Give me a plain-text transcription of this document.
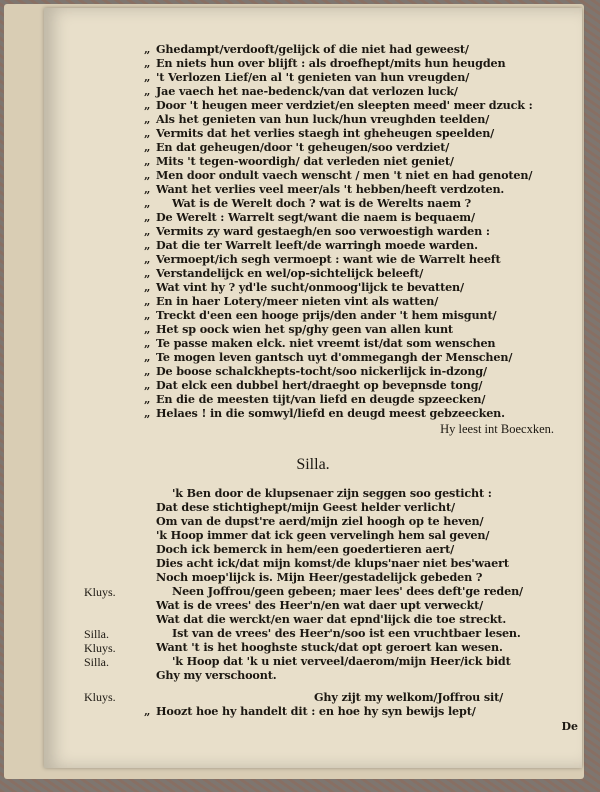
„ Ghedampt/verdooft/gelijck of die niet had geweest/
„ En niets hun over blijft : als droefhept/mits hun heugden
„ 't Verlozen Lief/en al 't genieten van hun vreugden/
„ Jae vaech het nae-bedenck/van dat verlozen luck/
„ Door 't heugen meer verdziet/en sleepten meed' meer dzuck :
„ Als het genieten van hun luck/hun vreughden teelden/
„ Vermits dat het verlies staegh int gheheugen speelden/
„ En dat geheugen/door 't geheugen/soo verdziet/
„ Mits 't tegen-woordigh/ dat verleden niet geniet/
„ Men door ondult vaech wenscht / men 't niet en had genoten/
„ Want het verlies veel meer/als 't hebben/heeft verdzoten.
„ Wat is de Werelt doch ? wat is de Werelts naem ?
„ De Werelt : Warrelt segt/want die naem is bequaem/
„ Vermits zy ward gestaegh/en soo verwoestigh warden :
„ Dat die ter Warrelt leeft/de warringh moede warden.
„ Vermoept/ich segh vermoept : want wie de Warrelt heeft
„ Verstandelijck en wel/op-sichtelijck beleeft/
„ Wat vint hy ? yd'le sucht/onmoog'lijck te bevatten/
„ En in haer Lotery/meer nieten vint als watten/
„ Treckt d'een een hooge prijs/den ander 't hem misgunt/
„ Het sp oock wien het sp/ghy geen van allen kunt
„ Te passe maken elck. niet vreemt ist/dat som wenschen
„ Te mogen leven gantsch uyt d'ommegangh der Menschen/
„ De boose schalckhepts-tocht/soo nickerlijck in-dzong/
„ Dat elck een dubbel hert/draeght op bevepnsde tong/
„ En die de meesten tijt/van liefd en deugde spzeecken/
„ Helaes ! in die somwyl/liefd en deugd meest gebzeecken.
Hy leest int Boecxken.
Silla.
'k Ben door de klupsenaer zijn seggen soo gesticht :
Dat dese stichtighept/mijn Geest helder verlicht/
Om van de dupst're aerd/mijn ziel hoogh op te heven/
'k Hoop immer dat ick geen vervelingh hem sal geven/
Doch ick bemerck in hem/een goedertieren aert/
Dies acht ick/dat mijn komst/de klups'naer niet bes'waert
Noch moep'lijck is. Mijn Heer/gestadelijck gebeden ?
Kluys.	Neen Joffrou/geen gebeen; maer lees' dees deft'ge reden/
Wat is de vrees' des Heer'n/en wat daer upt verweckt/
Wat dat die werckt/en waer dat epnd'lijck die toe streckt.
Silla.	Ist van de vrees' des Heer'n/soo ist een vruchtbaer lesen.
Kluys.	Want 't is het hooghste stuck/dat opt geroert kan wesen.
Silla.	'k Hoop dat 'k u niet verveel/daerom/mijn Heer/ick bidt
Ghy my verschoont.
Kluys.	Ghy zijt my welkom/Joffrou sit/
„ Hoozt hoe hy handelt dit : en hoe hy syn bewijs lept/
De
